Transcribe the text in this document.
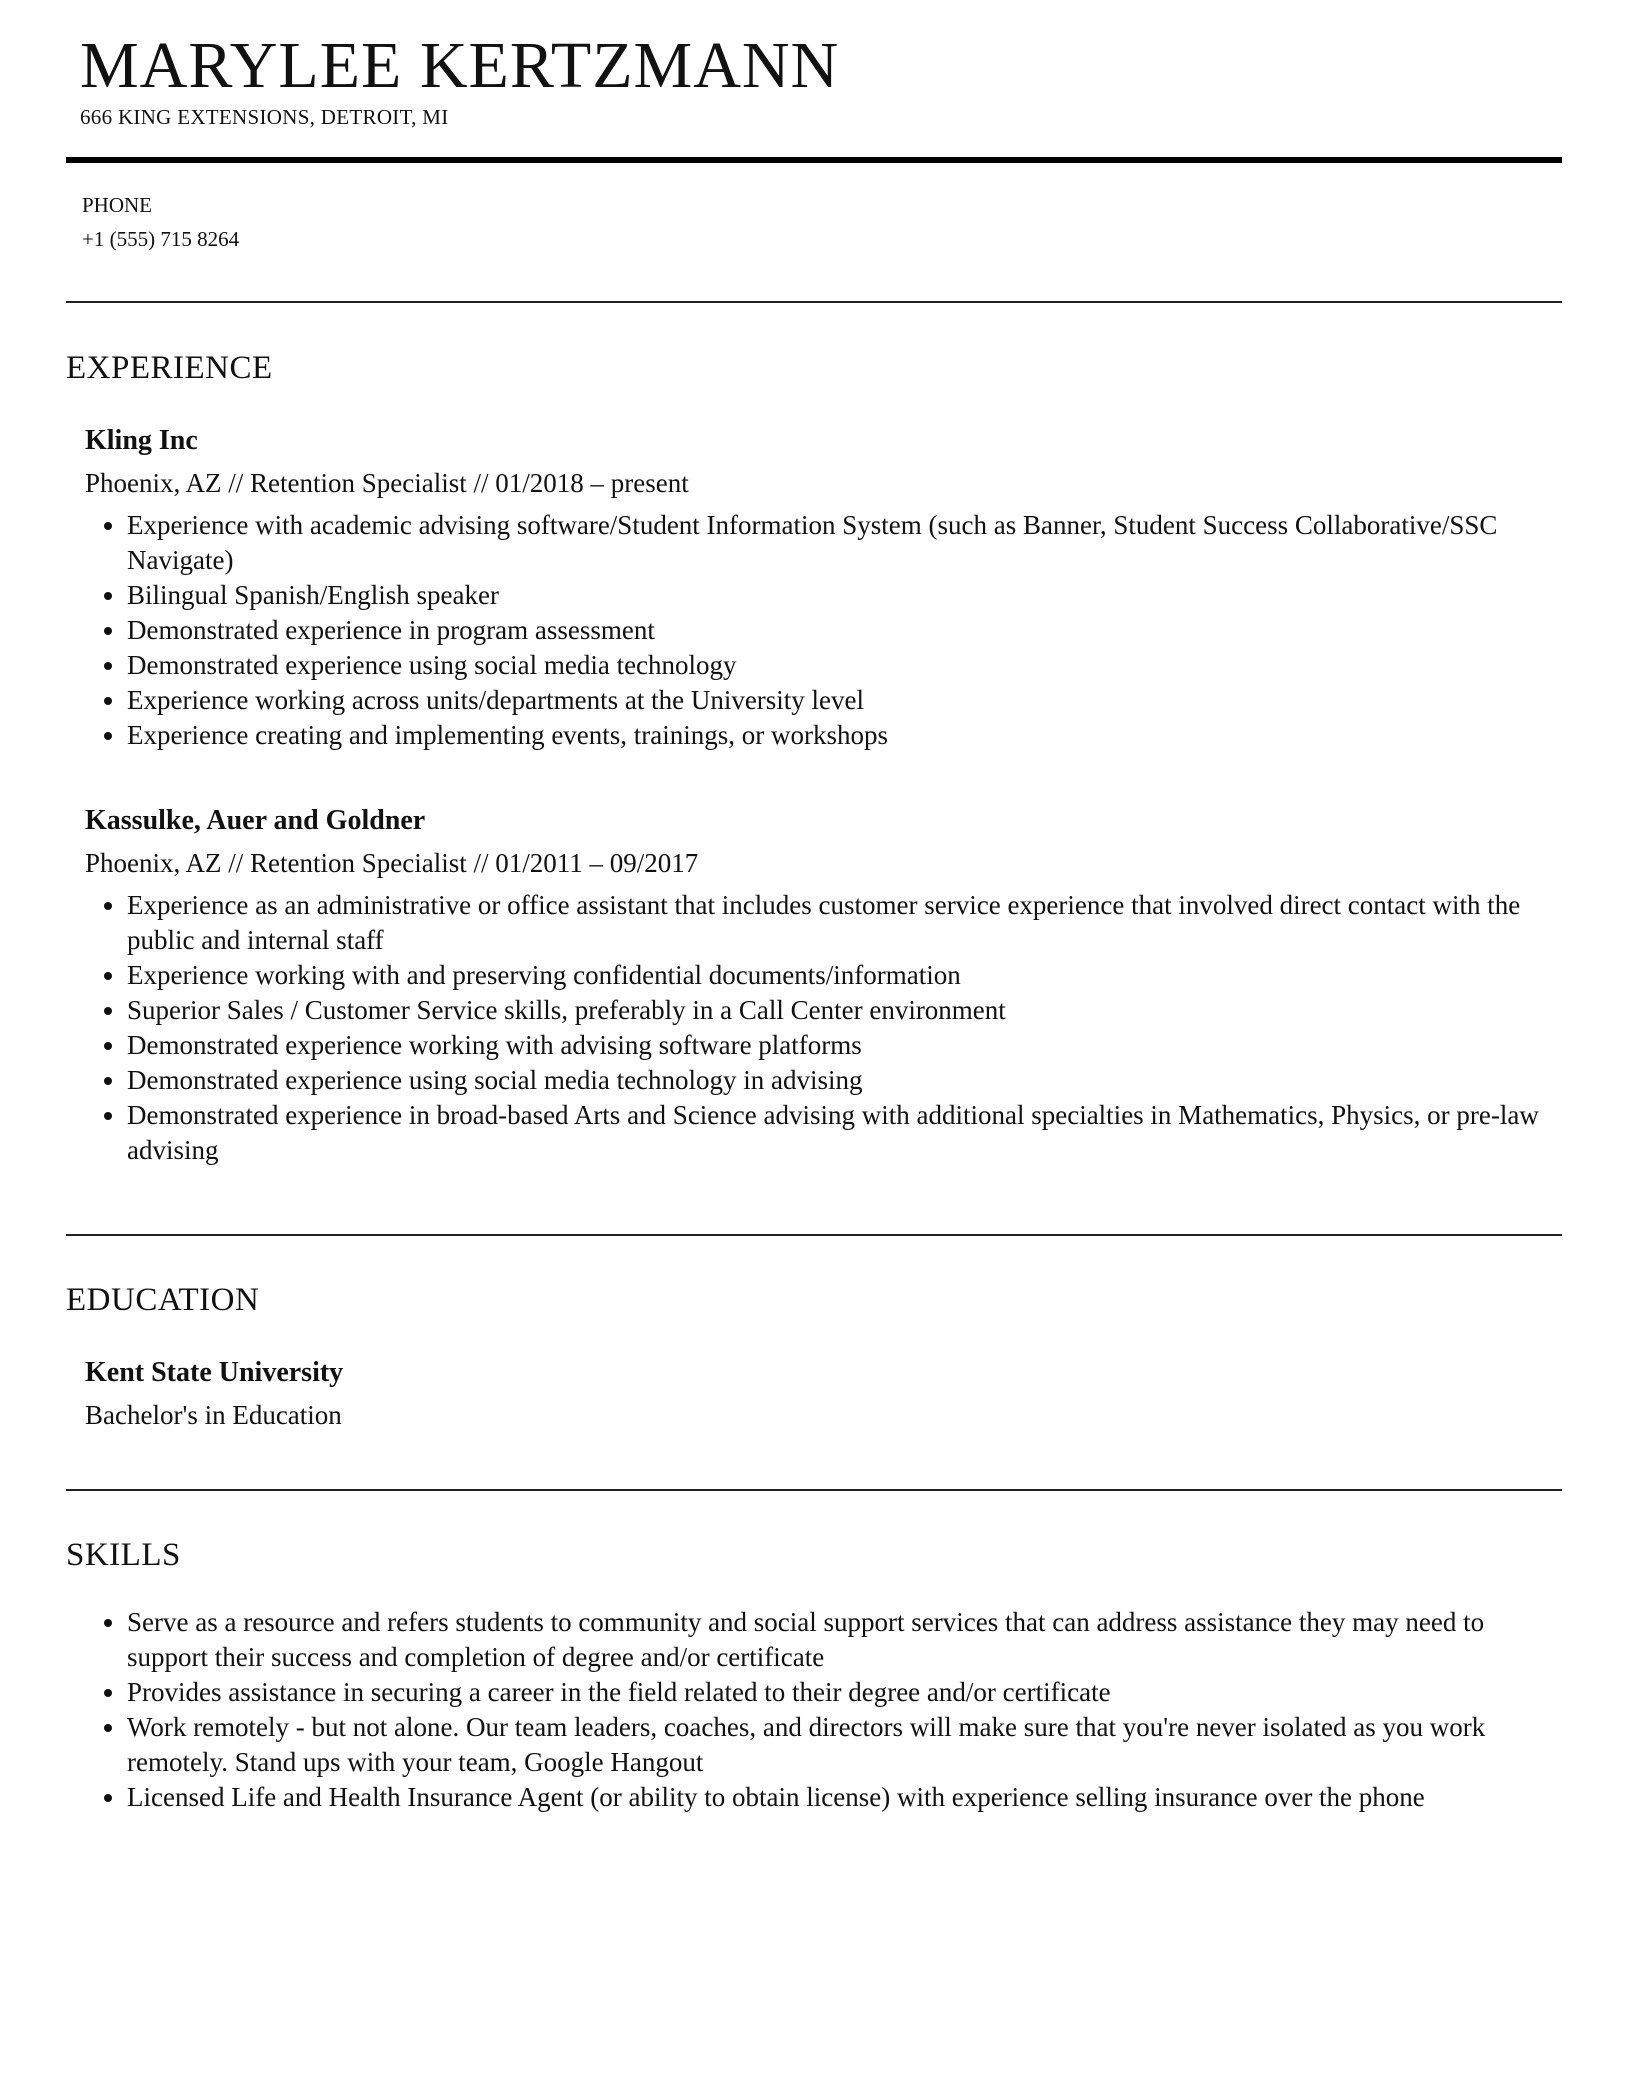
MARYLEE KERTZMANN
666 KING EXTENSIONS, DETROIT, MI
PHONE
+1 (555) 715 8264
EXPERIENCE
Kling Inc
Phoenix, AZ // Retention Specialist // 01/2018 – present
• Experience with academic advising software/Student Information System (such as Banner, Student Success Collaborative/SSC Navigate)
• Bilingual Spanish/English speaker
• Demonstrated experience in program assessment
• Demonstrated experience using social media technology
• Experience working across units/departments at the University level
• Experience creating and implementing events, trainings, or workshops
Kassulke, Auer and Goldner
Phoenix, AZ // Retention Specialist // 01/2011 – 09/2017
• Experience as an administrative or office assistant that includes customer service experience that involved direct contact with the public and internal staff
• Experience working with and preserving confidential documents/information
• Superior Sales / Customer Service skills, preferably in a Call Center environment
• Demonstrated experience working with advising software platforms
• Demonstrated experience using social media technology in advising
• Demonstrated experience in broad-based Arts and Science advising with additional specialties in Mathematics, Physics, or pre-law advising
EDUCATION
Kent State University
Bachelor's in Education
SKILLS
• Serve as a resource and refers students to community and social support services that can address assistance they may need to support their success and completion of degree and/or certificate
• Provides assistance in securing a career in the field related to their degree and/or certificate
• Work remotely - but not alone. Our team leaders, coaches, and directors will make sure that you're never isolated as you work remotely. Stand ups with your team, Google Hangout
• Licensed Life and Health Insurance Agent (or ability to obtain license) with experience selling insurance over the phone
